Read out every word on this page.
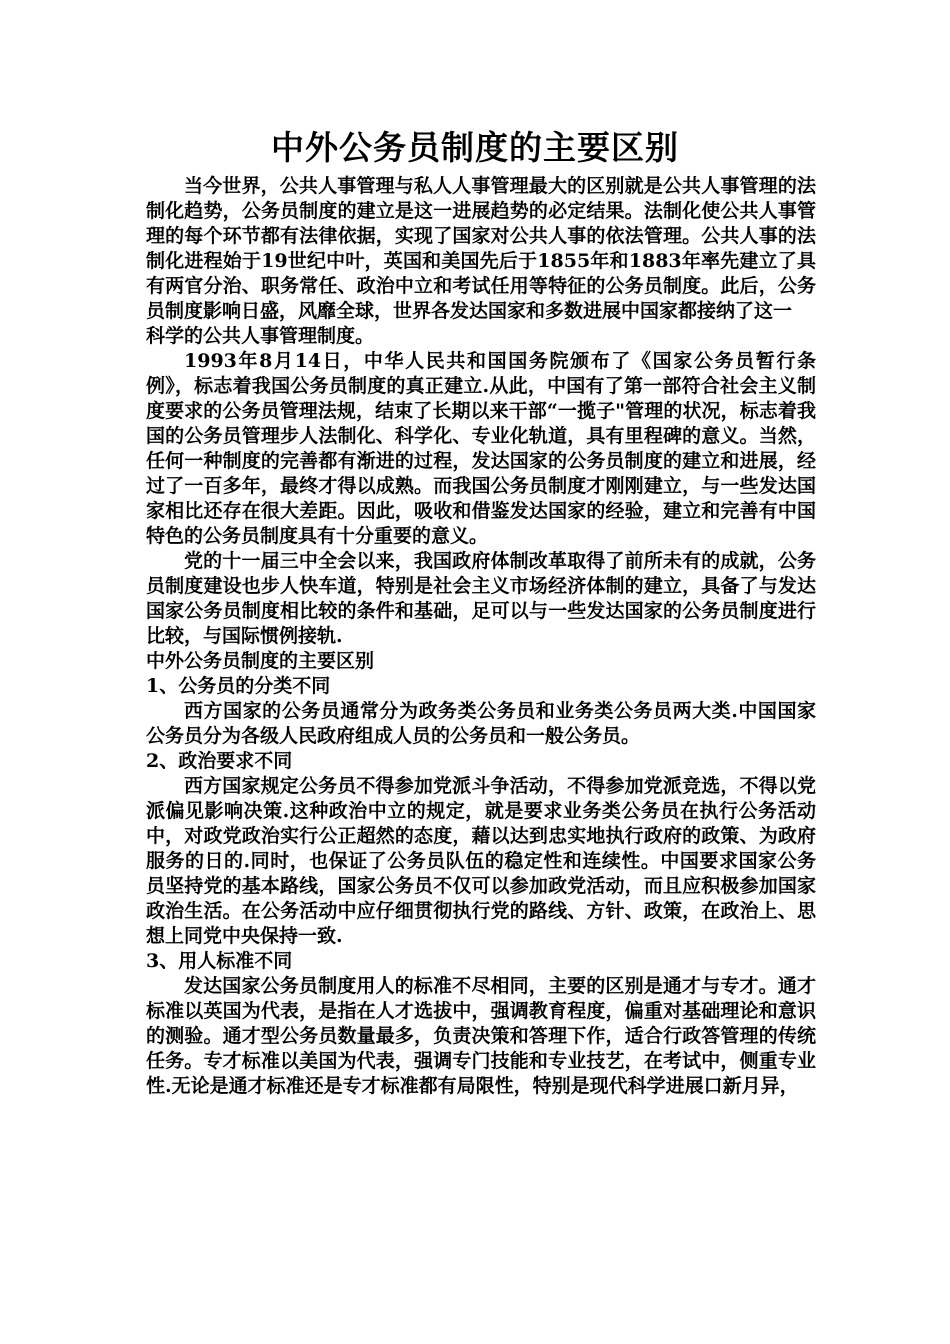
中外公务员制度的主要区别

当今世界，公共人事管理与私人人事管理最大的区别就是公共人事管理的法制化趋势，公务员制度的建立是这一进展趋势的必定结果。法制化使公共人事管理的每个环节都有法律依据，实现了国家对公共人事的依法管理。公共人事的法制化进程始于19世纪中叶，英国和美国先后于1855年和1883年率先建立了具有两官分治、职务常任、政治中立和考试任用等特征的公务员制度。此后，公务员制度影响日盛，风靡全球，世界各发达国家和多数进展中国家都接纳了这一

科学的公共人事管理制度。

1993年8月14日，中华人民共和国国务院颁布了《国家公务员暂行条例》，标志着我国公务员制度的真正建立.从此，中国有了第一部符合社会主义制度要求的公务员管理法规，结束了长期以来干部“一揽子"管理的状况，标志着我国的公务员管理步人法制化、科学化、专业化轨道，具有里程碑的意义。当然，任何一种制度的完善都有渐进的过程，发达国家的公务员制度的建立和进展，经过了一百多年，最终才得以成熟。而我国公务员制度才刚刚建立，与一些发达国家相比还存在很大差距。因此，吸收和借鉴发达国家的经验，建立和完善有中国特色的公务员制度具有十分重要的意义。

党的十一届三中全会以来，我国政府体制改革取得了前所未有的成就，公务员制度建设也步人快车道，特别是社会主义市场经济体制的建立，具备了与发达国家公务员制度相比较的条件和基础，足可以与一些发达国家的公务员制度进行比较，与国际惯例接轨.

中外公务员制度的主要区别

1、公务员的分类不同

西方国家的公务员通常分为政务类公务员和业务类公务员两大类.中国国家公务员分为各级人民政府组成人员的公务员和一般公务员。

2、政治要求不同

西方国家规定公务员不得参加党派斗争活动，不得参加党派竞选，不得以党派偏见影响决策.这种政治中立的规定，就是要求业务类公务员在执行公务活动中，对政党政治实行公正超然的态度，藉以达到忠实地执行政府的政策、为政府服务的日的.同时，也保证了公务员队伍的稳定性和连续性。中国要求国家公务员坚持党的基本路线，国家公务员不仅可以参加政党活动，而且应积极参加国家政治生活。在公务活动中应仔细贯彻执行党的路线、方针、政策，在政治上、思想上同党中央保持一致.

3、用人标准不同

发达国家公务员制度用人的标准不尽相同，主要的区别是通才与专才。通才标准以英国为代表，是指在人才选拔中，强调教育程度，偏重对基础理论和意识的测验。通才型公务员数量最多，负责决策和答理下作，适合行政答管理的传统任务。专才标准以美国为代表，强调专门技能和专业技艺，在考试中，侧重专业性.无论是通才标准还是专才标准都有局限性，特别是现代科学进展口新月异，
